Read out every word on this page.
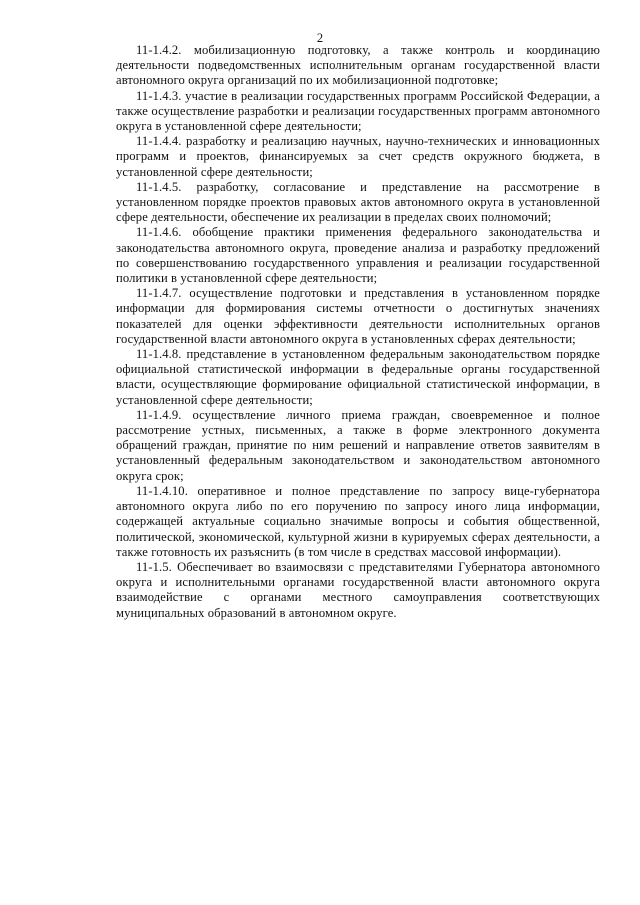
2

11-1.4.2. мобилизационную подготовку, а также контроль и координацию деятельности подведомственных исполнительным органам государственной власти автономного округа организаций по их мобилизационной подготовке;

11-1.4.3. участие в реализации государственных программ Российской Федерации, а также осуществление разработки и реализации государственных программ автономного округа в установленной сфере деятельности;

11-1.4.4. разработку и реализацию научных, научно-технических и инновационных программ и проектов, финансируемых за счет средств окружного бюджета, в установленной сфере деятельности;

11-1.4.5. разработку, согласование и представление на рассмотрение в установленном порядке проектов правовых актов автономного округа в установленной сфере деятельности, обеспечение их реализации в пределах своих полномочий;

11-1.4.6. обобщение практики применения федерального законодательства и законодательства автономного округа, проведение анализа и разработку предложений по совершенствованию государственного управления и реализации государственной политики в установленной сфере деятельности;

11-1.4.7. осуществление подготовки и представления в установленном порядке информации для формирования системы отчетности о достигнутых значениях показателей для оценки эффективности деятельности исполнительных органов государственной власти автономного округа в установленных сферах деятельности;

11-1.4.8. представление в установленном федеральным законодательством порядке официальной статистической информации в федеральные органы государственной власти, осуществляющие формирование официальной статистической информации, в установленной сфере деятельности;

11-1.4.9. осуществление личного приема граждан, своевременное и полное рассмотрение устных, письменных, а также в форме электронного документа обращений граждан, принятие по ним решений и направление ответов заявителям в установленный федеральным законодательством и законодательством автономного округа срок;

11-1.4.10. оперативное и полное представление по запросу вице-губернатора автономного округа либо по его поручению по запросу иного лица информации, содержащей актуальные социально значимые вопросы и события общественной, политической, экономической, культурной жизни в курируемых сферах деятельности, а также готовность их разъяснить (в том числе в средствах массовой информации).

11-1.5. Обеспечивает во взаимосвязи с представителями Губернатора автономного округа и исполнительными органами государственной власти автономного округа взаимодействие с органами местного самоуправления соответствующих муниципальных образований в автономном округе.
